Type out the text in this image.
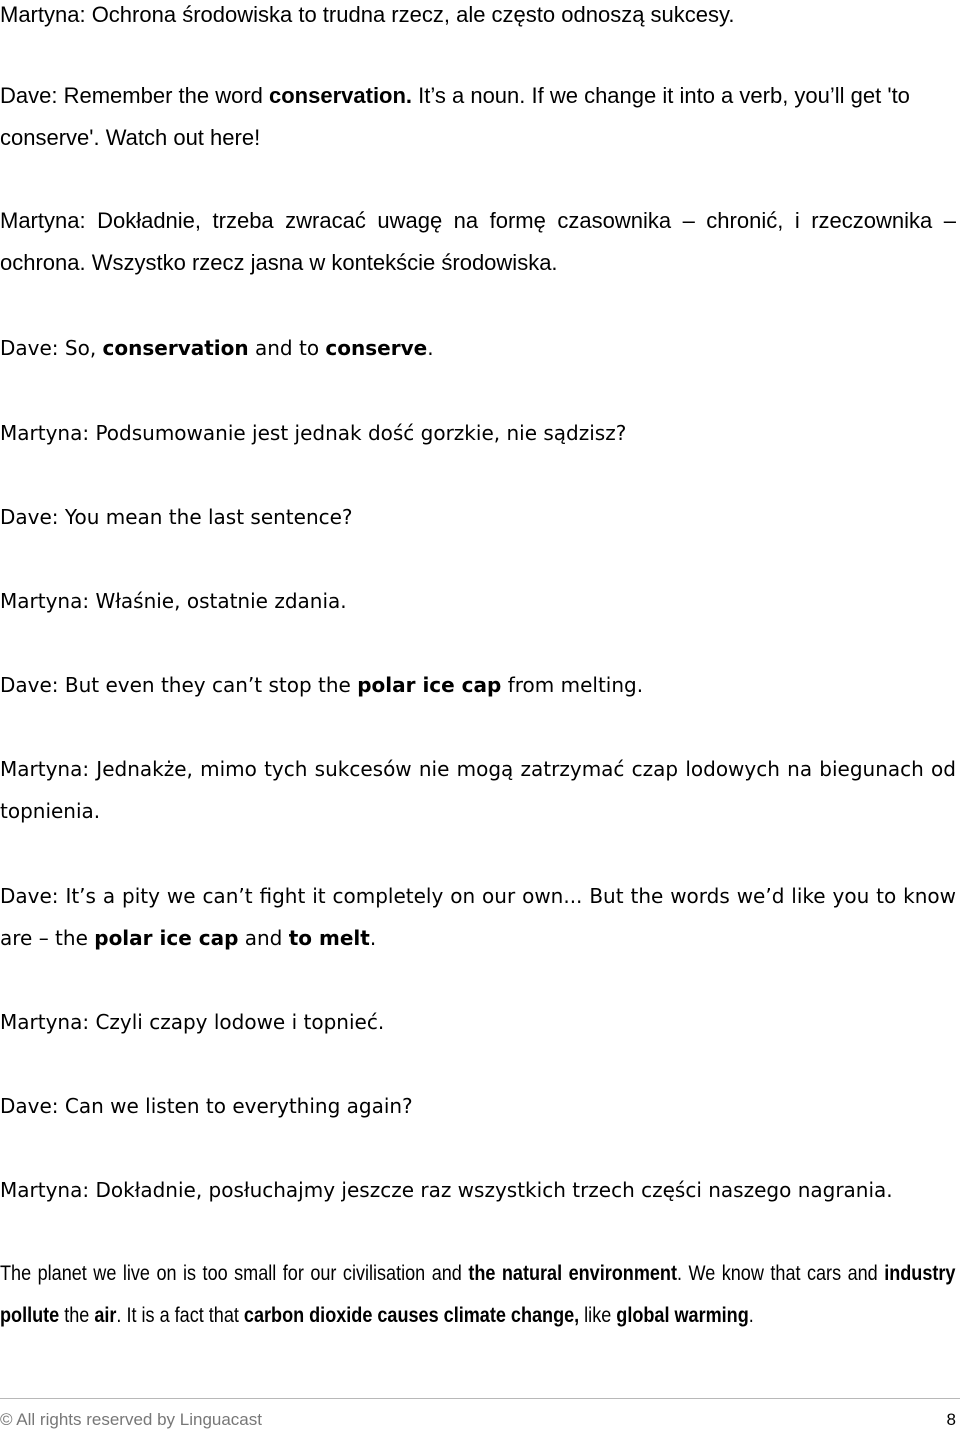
Martyna: Ochrona środowiska to trudna rzecz, ale często odnoszą sukcesy.

Dave: Remember the word conservation. It’s a noun. If we change it into a verb, you’ll get 'to conserve'. Watch out here!

Martyna: Dokładnie, trzeba zwracać uwagę na formę czasownika – chronić, i rzeczownika – ochrona. Wszystko rzecz jasna w kontekście środowiska.

Dave: So, conservation and to conserve.

Martyna: Podsumowanie jest jednak dość gorzkie, nie sądzisz?

Dave: You mean the last sentence?

Martyna: Właśnie, ostatnie zdania.

Dave: But even they can’t stop the polar ice cap from melting.

Martyna: Jednakże, mimo tych sukcesów nie mogą zatrzymać czap lodowych na biegunach od topnienia.

Dave: It’s a pity we can’t fight it completely on our own... But the words we’d like you to know are – the polar ice cap and to melt.

Martyna: Czyli czapy lodowe i topnieć.

Dave: Can we listen to everything again?

Martyna: Dokładnie, posłuchajmy jeszcze raz wszystkich trzech części naszego nagrania.

The planet we live on is too small for our civilisation and the natural environment. We know that cars and industry pollute the air. It is a fact that carbon dioxide causes climate change, like global warming.

© All rights reserved by Linguacast	8
